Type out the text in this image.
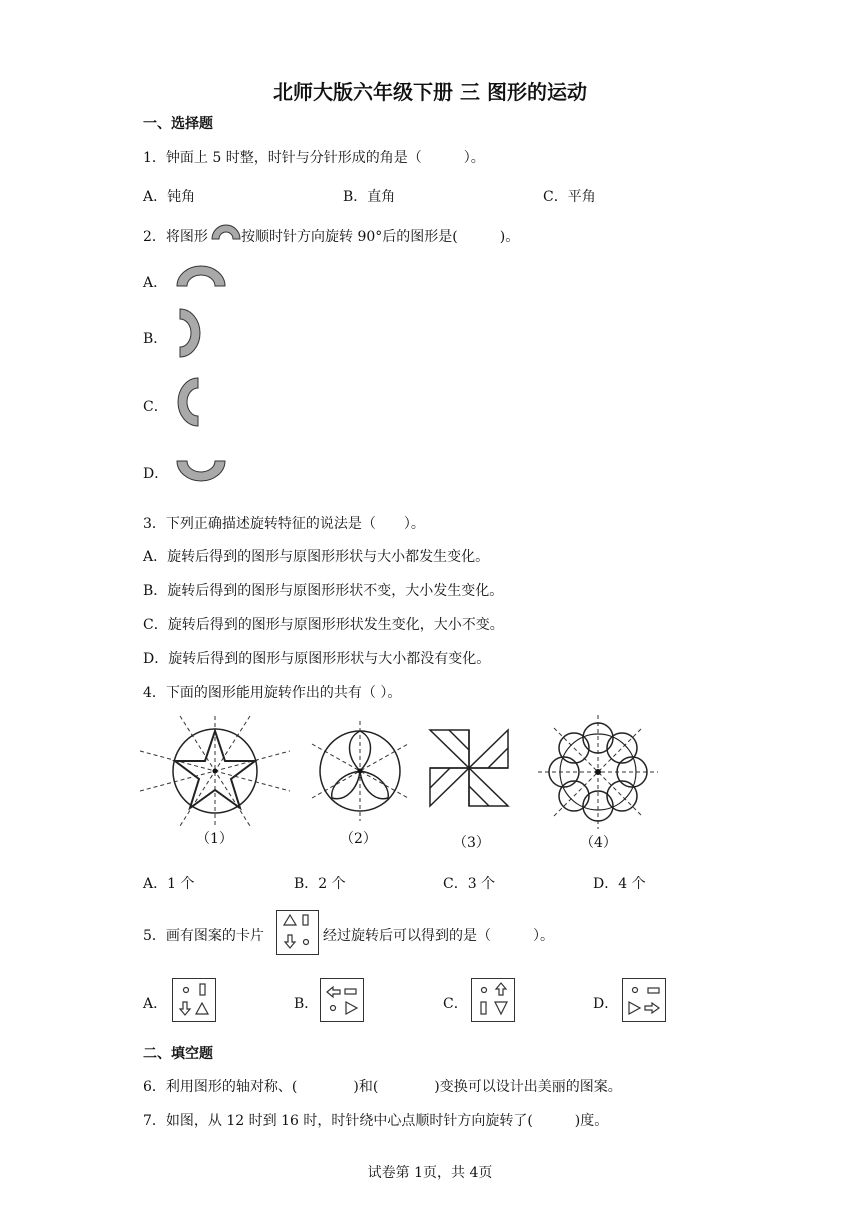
北师大版六年级下册 三 图形的运动
一、选择题
1．钟面上 5 时整，时针与分针形成的角是（　　　）。
A．钝角	B．直角	C．平角
2．将图形 按顺时针方向旋转 90°后的图形是(　　　)。
A．
B．
C．
D．
3．下列正确描述旋转特征的说法是（　　）。
A．旋转后得到的图形与原图形形状与大小都发生变化。
B．旋转后得到的图形与原图形形状不变，大小发生变化。
C．旋转后得到的图形与原图形形状发生变化，大小不变。
D．旋转后得到的图形与原图形形状与大小都没有变化。
4．下面的图形能用旋转作出的共有（ ）。
（1）	（2）	（3）	（4）
A．1 个	B．2 个	C．3 个	D．4 个
5．画有图案的卡片	经过旋转后可以得到的是（　　　）。
A．	B．	C．	D．
二、填空题
6．利用图形的轴对称、(　　　　)和(　　　　)变换可以设计出美丽的图案。
7．如图，从 12 时到 16 时，时针绕中心点顺时针方向旋转了(　　　)度。
试卷第 1页，共 4页
